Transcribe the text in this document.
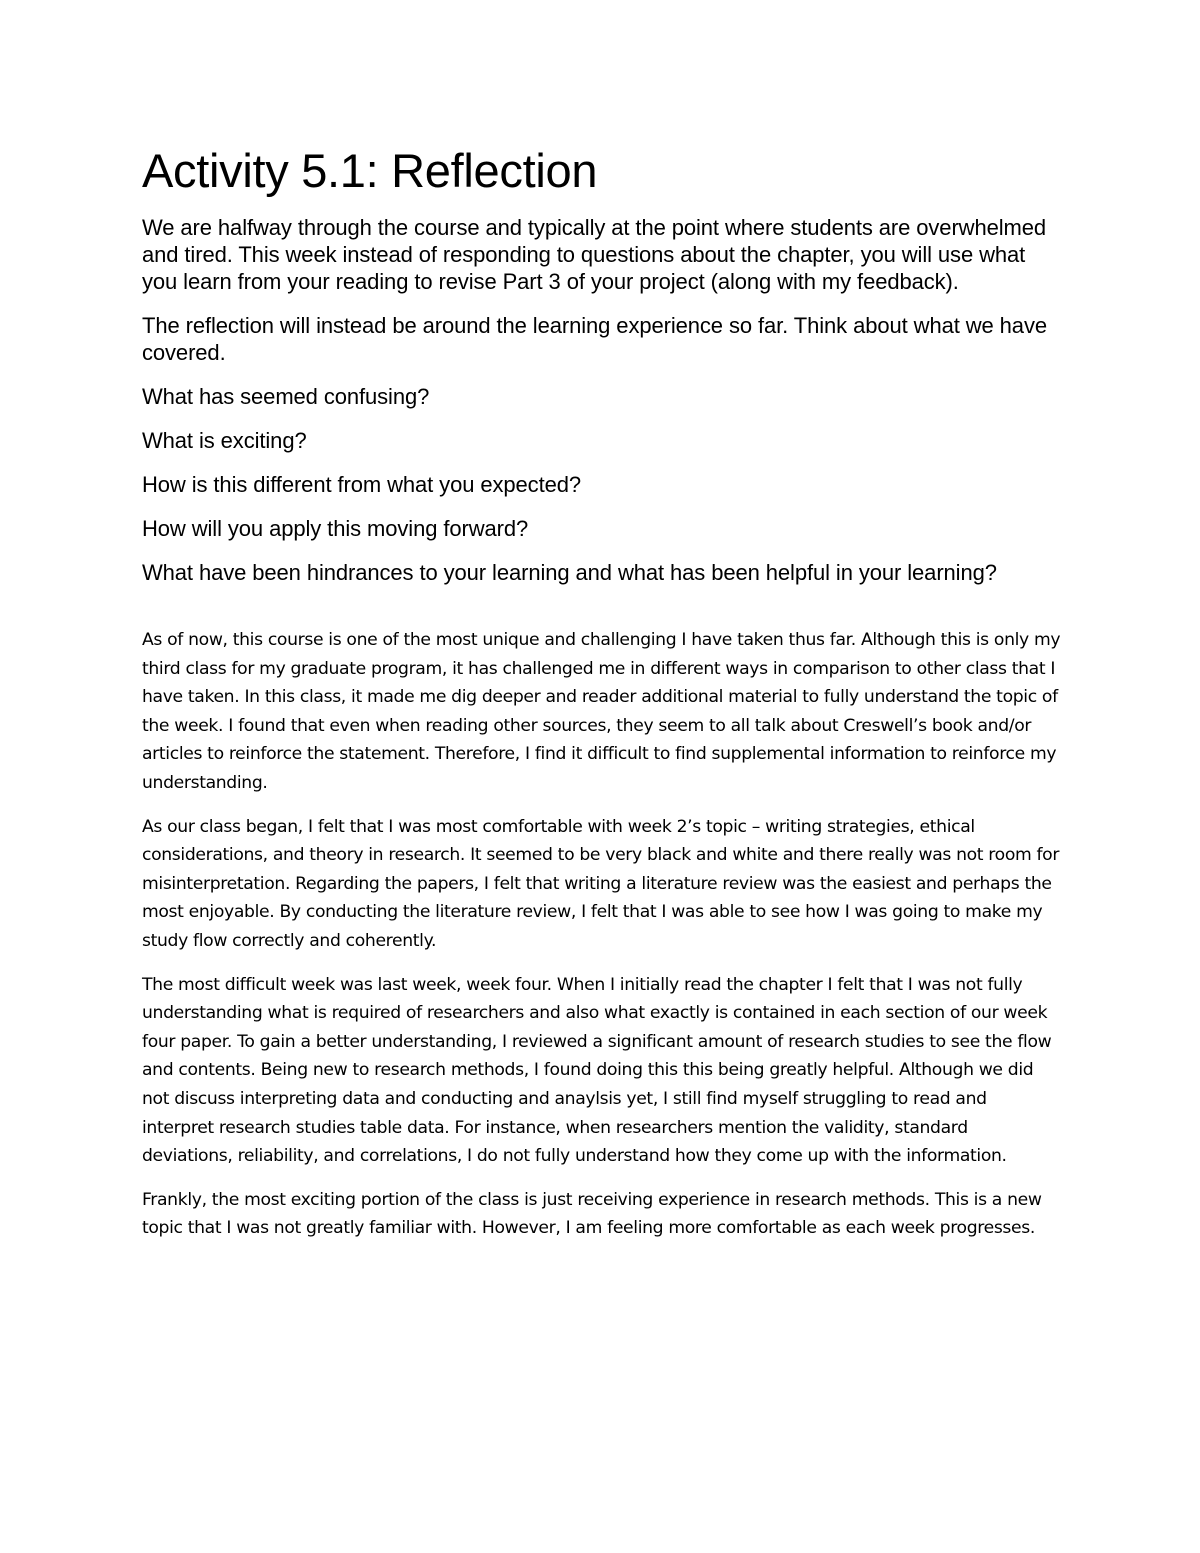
Activity 5.1: Reflection

We are halfway through the course and typically at the point where students are overwhelmed and tired. This week instead of responding to questions about the chapter, you will use what you learn from your reading to revise Part 3 of your project (along with my feedback).

The reflection will instead be around the learning experience so far. Think about what we have covered.

What has seemed confusing?

What is exciting?

How is this different from what you expected?

How will you apply this moving forward?

What have been hindrances to your learning and what has been helpful in your learning?

As of now, this course is one of the most unique and challenging I have taken thus far. Although this is only my third class for my graduate program, it has challenged me in different ways in comparison to other class that I have taken. In this class, it made me dig deeper and reader additional material to fully understand the topic of the week. I found that even when reading other sources, they seem to all talk about Creswell’s book and/or articles to reinforce the statement. Therefore, I find it difficult to find supplemental information to reinforce my understanding.

As our class began, I felt that I was most comfortable with week 2’s topic – writing strategies, ethical considerations, and theory in research. It seemed to be very black and white and there really was not room for misinterpretation. Regarding the papers, I felt that writing a literature review was the easiest and perhaps the most enjoyable. By conducting the literature review, I felt that I was able to see how I was going to make my study flow correctly and coherently.

The most difficult week was last week, week four. When I initially read the chapter I felt that I was not fully understanding what is required of researchers and also what exactly is contained in each section of our week four paper. To gain a better understanding, I reviewed a significant amount of research studies to see the flow and contents. Being new to research methods, I found doing this this being greatly helpful. Although we did not discuss interpreting data and conducting and anaylsis yet, I still find myself struggling to read and interpret research studies table data. For instance, when researchers mention the validity, standard deviations, reliability, and correlations, I do not fully understand how they come up with the information.

Frankly, the most exciting portion of the class is just receiving experience in research methods. This is a new topic that I was not greatly familiar with. However, I am feeling more comfortable as each week progresses.
